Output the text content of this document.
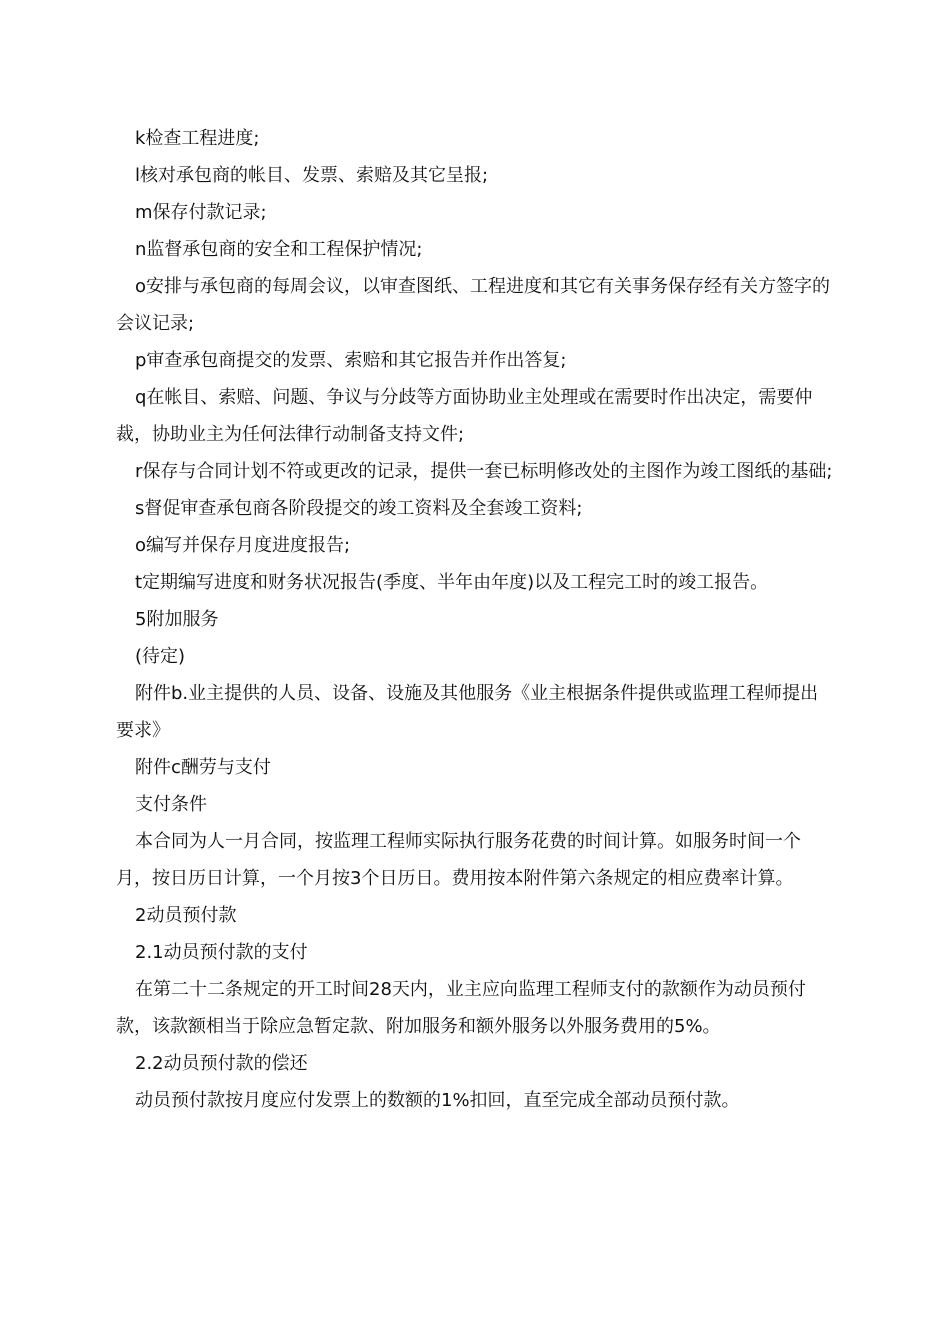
k检查工程进度;

l核对承包商的帐目、发票、索赔及其它呈报;

m保存付款记录;

n监督承包商的安全和工程保护情况;

o安排与承包商的每周会议，以审查图纸、工程进度和其它有关事务保存经有关方签字的会议记录;

p审查承包商提交的发票、索赔和其它报告并作出答复;

q在帐目、索赔、问题、争议与分歧等方面协助业主处理或在需要时作出决定，需要仲裁，协助业主为任何法律行动制备支持文件;

r保存与合同计划不符或更改的记录，提供一套已标明修改处的主图作为竣工图纸的基础;

s督促审查承包商各阶段提交的竣工资料及全套竣工资料;

o编写并保存月度进度报告;

t定期编写进度和财务状况报告(季度、半年由年度)以及工程完工时的竣工报告。

5附加服务

(待定)

附件b.业主提供的人员、设备、设施及其他服务《业主根据条件提供或监理工程师提出要求》

附件c酬劳与支付

支付条件

本合同为人一月合同，按监理工程师实际执行服务花费的时间计算。如服务时间一个月，按日历日计算，一个月按3个日历日。费用按本附件第六条规定的相应费率计算。

2动员预付款

2.1动员预付款的支付

在第二十二条规定的开工时间28天内，业主应向监理工程师支付的款额作为动员预付款，该款额相当于除应急暂定款、附加服务和额外服务以外服务费用的5%。

2.2动员预付款的偿还

动员预付款按月度应付发票上的数额的1%扣回，直至完成全部动员预付款。
